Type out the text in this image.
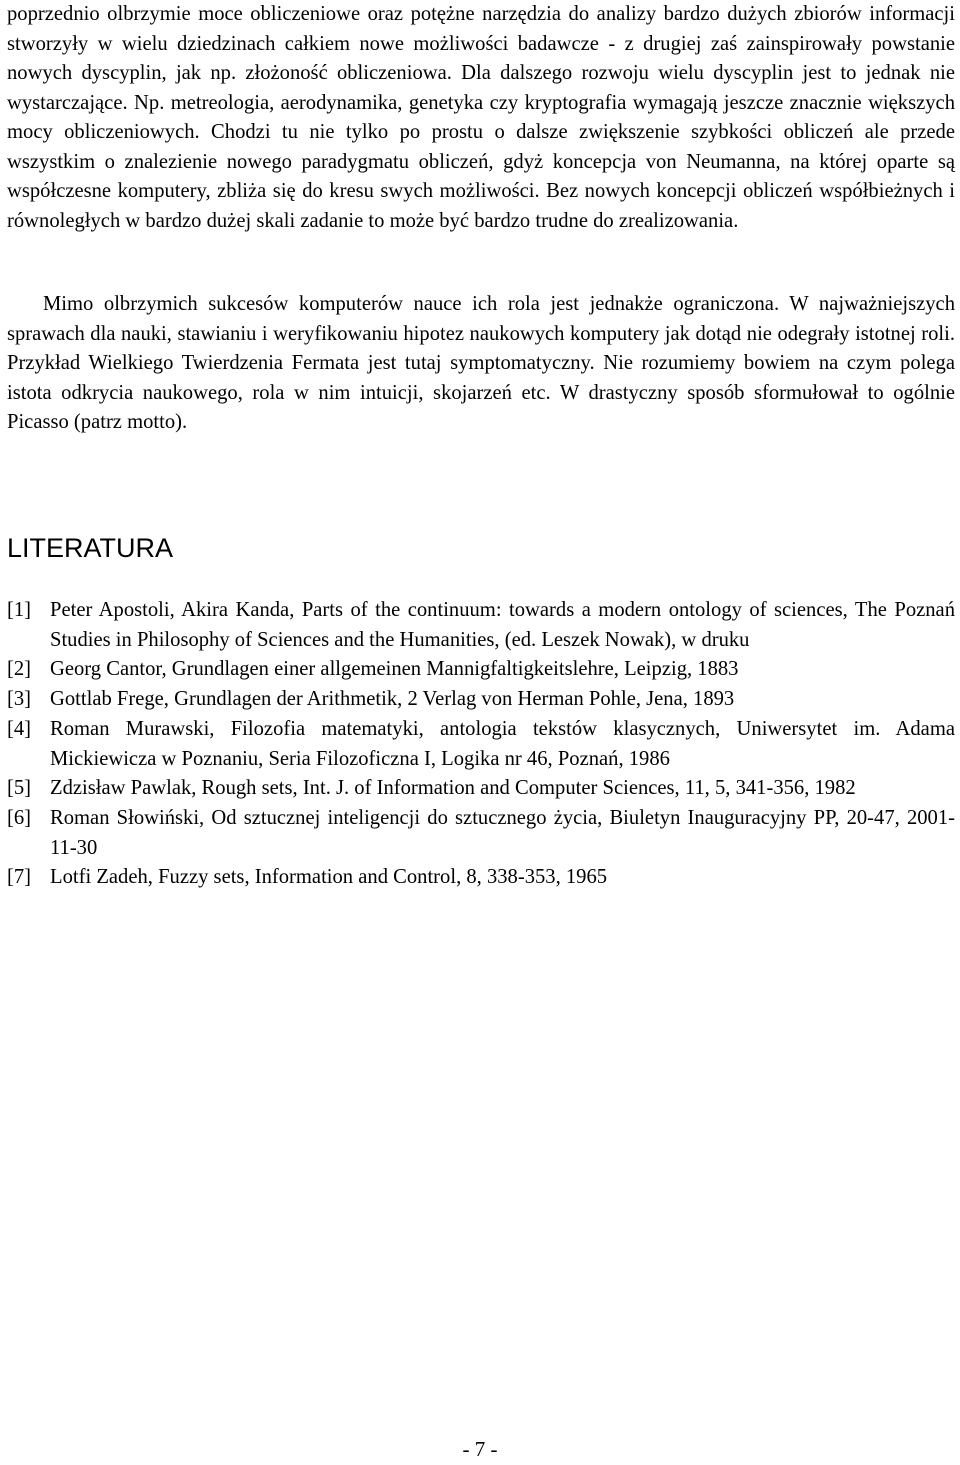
poprzednio olbrzymie moce obliczeniowe oraz potężne narzędzia do analizy bardzo dużych zbiorów informacji stworzyły w wielu dziedzinach całkiem nowe możliwości badawcze - z drugiej zaś zainspirowały powstanie nowych dyscyplin, jak np. złożoność obliczeniowa. Dla dalszego rozwoju wielu dyscyplin jest to jednak nie wystarczające. Np. metreologia, aerodynamika, genetyka czy kryptografia wymagają jeszcze znacznie większych mocy obliczeniowych. Chodzi tu nie tylko po prostu o dalsze zwiększenie szybkości obliczeń ale przede wszystkim o znalezienie nowego paradygmatu obliczeń, gdyż koncepcja von Neumanna, na której oparte są współczesne komputery, zbliża się do kresu swych możliwości. Bez nowych koncepcji obliczeń współbieżnych i równoległych w bardzo dużej skali zadanie to może być bardzo trudne do zrealizowania.

Mimo olbrzymich sukcesów komputerów nauce ich rola jest jednakże ograniczona. W najważniejszych sprawach dla nauki, stawianiu i weryfikowaniu hipotez naukowych komputery jak dotąd nie odegrały istotnej roli. Przykład Wielkiego Twierdzenia Fermata jest tutaj symptomatyczny. Nie rozumiemy bowiem na czym polega istota odkrycia naukowego, rola w nim intuicji, skojarzeń etc. W drastyczny sposób sformułował to ogólnie Picasso (patrz motto).

LITERATURA
[1] Peter Apostoli, Akira Kanda, Parts of the continuum: towards a modern ontology of sciences, The Poznań Studies in Philosophy of Sciences and the Humanities, (ed. Leszek Nowak), w druku
[2] Georg Cantor, Grundlagen einer allgemeinen Mannigfaltigkeitslehre, Leipzig, 1883
[3] Gottlab Frege, Grundlagen der Arithmetik, 2 Verlag von Herman Pohle, Jena, 1893
[4] Roman Murawski, Filozofia matematyki, antologia tekstów klasycznych, Uniwersytet im. Adama Mickiewicza w Poznaniu, Seria Filozoficzna I, Logika nr 46, Poznań, 1986
[5] Zdzisław Pawlak, Rough sets, Int. J. of Information and Computer Sciences, 11, 5, 341-356, 1982
[6] Roman Słowiński, Od sztucznej inteligencji do sztucznego życia, Biuletyn Inauguracyjny PP, 20-47, 2001-11-30
[7] Lotfi Zadeh, Fuzzy sets, Information and Control, 8, 338-353, 1965
- 7 -
